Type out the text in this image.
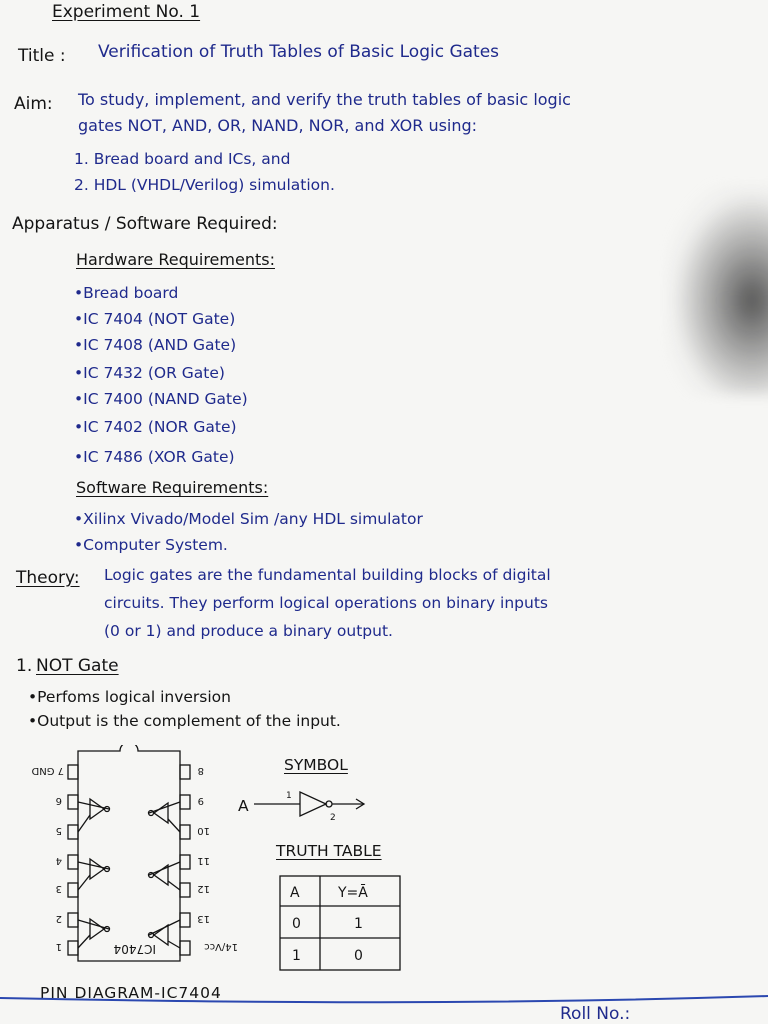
Experiment No. 1
Title : Verification of Truth Tables of Basic Logic Gates
Aim: To study, implement, and verify the truth tables of basic logic
gates NOT, AND, OR, NAND, NOR, and XOR using:
1. Bread board and ICs, and
2. HDL (VHDL/Verilog) simulation.
Apparatus / Software Required:
Hardware Requirements:
•Bread board
•IC 7404 (NOT Gate)
•IC 7408 (AND Gate)
•IC 7432 (OR Gate)
•IC 7400 (NAND Gate)
•IC 7402 (NOR Gate)
•IC 7486 (XOR Gate)
Software Requirements:
•Xilinx Vivado/Model Sim /any HDL simulator
•Computer System.
Theory: Logic gates are the fundamental building blocks of digital
circuits. They perform logical operations on binary inputs
(0 or 1) and produce a binary output.
1. NOT Gate
•Perfoms logical inversion
•Output is the complement of the input.
14/Vcc
13
12
11
10
9
8
1
2
3
4
5
6
7 GND
IC7404
PIN DIAGRAM-IC7404
SYMBOL
A
1
2
TRUTH TABLE
A	Y=Ā
0	1
1	0
Roll No.:
